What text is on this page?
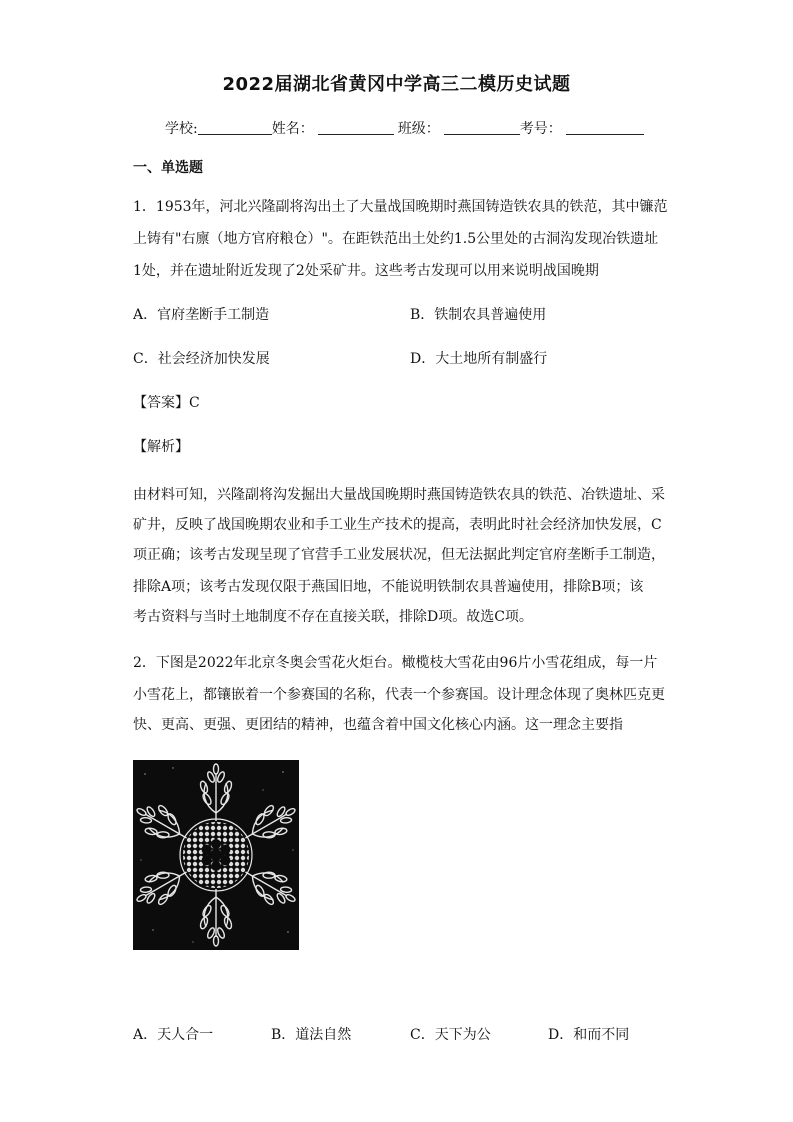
2022届湖北省黄冈中学高三二模历史试题
学校:	姓名：	班级：	考号：
一、单选题
1．1953年，河北兴隆副将沟出土了大量战国晚期时燕国铸造铁农具的铁范，其中镰范
上铸有"右廪（地方官府粮仓）"。在距铁范出土处约1.5公里处的古洞沟发现冶铁遗址
1处，并在遗址附近发现了2处采矿井。这些考古发现可以用来说明战国晚期
A．官府垄断手工制造	B．铁制农具普遍使用
C．社会经济加快发展	D．大土地所有制盛行
【答案】C
【解析】
由材料可知，兴隆副将沟发掘出大量战国晚期时燕国铸造铁农具的铁范、冶铁遗址、采
矿井，反映了战国晚期农业和手工业生产技术的提高，表明此时社会经济加快发展，C
项正确；该考古发现呈现了官营手工业发展状况，但无法据此判定官府垄断手工制造，
排除A项；该考古发现仅限于燕国旧地，不能说明铁制农具普遍使用，排除B项；该
考古资料与当时土地制度不存在直接关联，排除D项。故选C项。
2．下图是2022年北京冬奥会雪花火炬台。橄榄枝大雪花由96片小雪花组成，每一片
小雪花上，都镶嵌着一个参赛国的名称，代表一个参赛国。设计理念体现了奥林匹克更
快、更高、更强、更团结的精神，也蕴含着中国文化核心内涵。这一理念主要指
A．天人合一	B．道法自然	C．天下为公	D．和而不同
